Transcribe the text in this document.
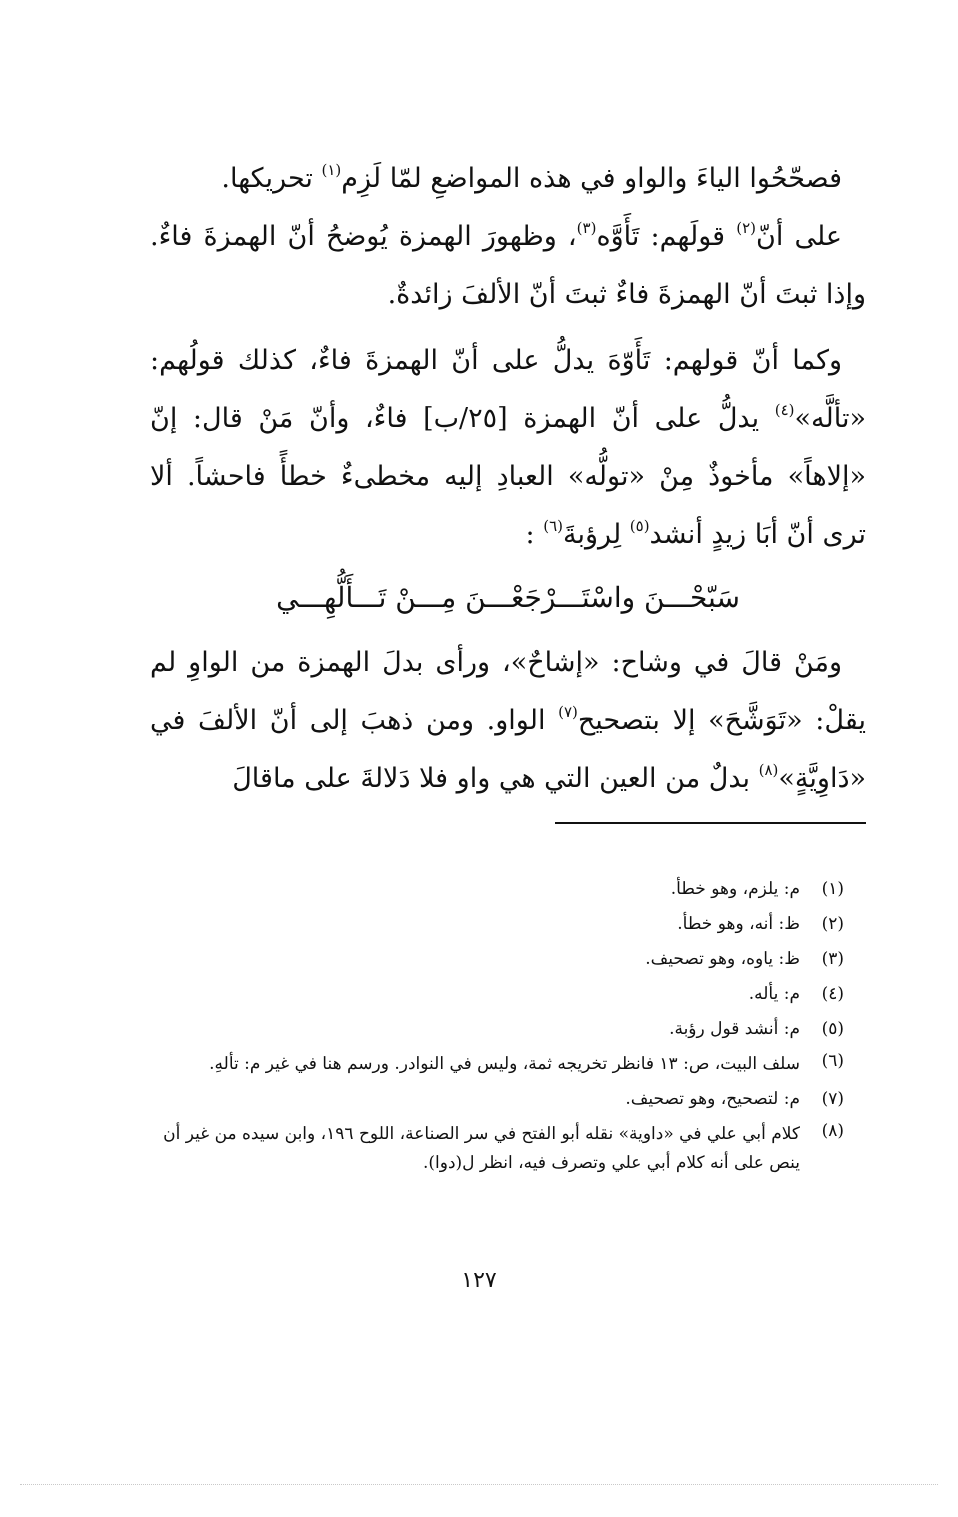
فصحّحُوا الياءَ والواو في هذه المواضعِ لمّا لَزِم$^{(١)}$ تحريكها.

على أنّ$^{(٢)}$ قولَهم: تَأَوَّه$^{(٣)}$، وظهورَ الهمزة يُوضحُ أنّ الهمزةَ فاءٌ. وإذا ثبتَ أنّ الهمزةَ فاءٌ ثبتَ أنّ الألفَ زائدةٌ.

وكما أنّ قولهم: تَأَوّهَ يدلُّ على أنّ الهمزةَ فاءٌ، كذلك قولُهم: «تألَّه»$^{(٤)}$ يدلُّ على أنّ الهمزة [٢٥/ب] فاءٌ، وأنّ مَنْ قال: إنّ «إلاهاً» مأخوذٌ مِنْ «تولُّه» العبادِ إليه مخطىءٌ خطأً فاحشاً. ألا ترى أنّ أبَا زيدٍ أنشد$^{(٥)}$ لِرؤبةَ$^{(٦)}$ :

سَبّحْـــنَ واسْتَـــرْجَعْـــنَ مِـــنْ تَـــأَلُّهِـــي

ومَنْ قالَ في وشاح: «إشاحٌ»، ورأى بدلَ الهمزة من الواوِ لم يقلْ: «تَوَشَّحَ» إلا بتصحيح$^{(٧)}$ الواو. ومن ذهبَ إلى أنّ الألفَ في «دَاوِيَّةٍ»$^{(٨)}$ بدلٌ من العين التي هي واو فلا دَلالةَ على ماقالَ

(١)
م: يلزم، وهو خطأ.
(٢)
ظ: أنه، وهو خطأ.
(٣)
ظ: ياوه، وهو تصحيف.
(٤)
م: يأله.
(٥)
م: أنشد قول رؤبة.
(٦)
سلف البيت، ص: ١٣ فانظر تخريجه ثمة، وليس في النوادر. ورسم هنا في غير م: تألهِ.
(٧)
م: لتصحيح، وهو تصحيف.
(٨)
كلام أبي علي في «داوية» نقله أبو الفتح في سر الصناعة، اللوح ١٩٦، وابن سيده من غير أن ينص على أنه كلام أبي علي وتصرف فيه، انظر ل(دوا).
١٢٧
